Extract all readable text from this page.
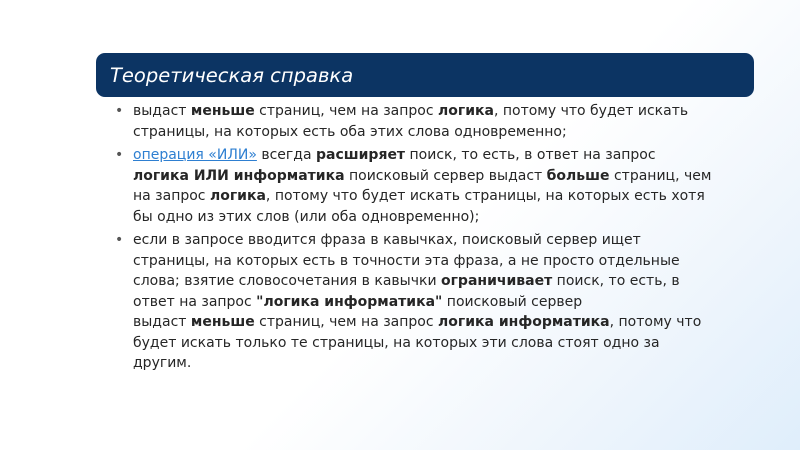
Теоретическая справка
• выдаст меньше страниц, чем на запрос логика, потому что будет искать
страницы, на которых есть оба этих слова одновременно;
• операция «ИЛИ» всегда расширяет поиск, то есть, в ответ на запрос
логика ИЛИ информатика поисковый сервер выдаст больше страниц, чем
на запрос логика, потому что будет искать страницы, на которых есть хотя
бы одно из этих слов (или оба одновременно);
• если в запросе вводится фраза в кавычках, поисковый сервер ищет
страницы, на которых есть в точности эта фраза, а не просто отдельные
слова; взятие словосочетания в кавычки ограничивает поиск, то есть, в
ответ на запрос "логика информатика" поисковый сервер
выдаст меньше страниц, чем на запрос логика информатика, потому что
будет искать только те страницы, на которых эти слова стоят одно за
другим.
